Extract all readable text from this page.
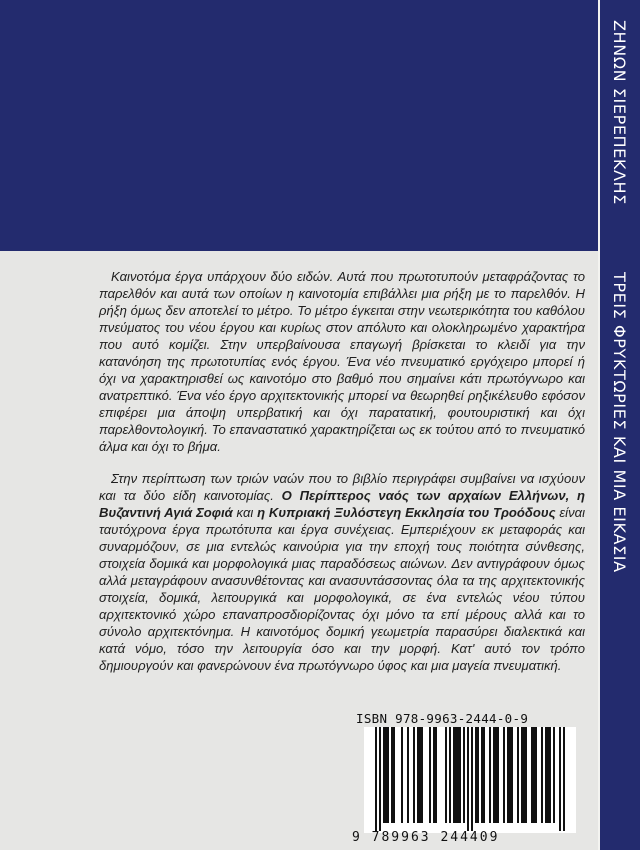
ΖΗΝΩΝ ΣΙΕΡΕΠΕΚΛΗΣ
ΤΡΕΙΣ ΦΡΥΚΤΩΡΙΕΣ ΚΑΙ ΜΙΑ ΕΙΚΑΣΙΑ

Καινοτόμα έργα υπάρχουν δύο ειδών. Αυτά που πρωτοτυπούν μεταφράζοντας το παρελθόν και αυτά των οποίων η καινοτομία επιβάλλει μια ρήξη με το παρελθόν. Η ρήξη όμως δεν αποτελεί το μέτρο. Το μέτρο έγκειται στην νεωτερικότητα του καθόλου πνεύματος του νέου έργου και κυρίως στον απόλυτο και ολοκληρωμένο χαρακτήρα που αυτό κομίζει. Στην υπερβαίνουσα επαγωγή βρίσκεται το κλειδί για την κατανόηση της πρωτοτυπίας ενός έργου. Ένα νέο πνευματικό εργόχειρο μπορεί ή όχι να χαρακτηρισθεί ως καινοτόμο στο βαθμό που σημαίνει κάτι πρωτόγνωρο και ανατρεπτικό. Ένα νέο έργο αρχιτεκτονικής μπορεί να θεωρηθεί ρηξικέλευθο εφόσον επιφέρει μια άποψη υπερβατική και όχι παρατατική, φουτουριστική και όχι παρελθοντολογική. Το επαναστατικό χαρακτηρίζεται ως εκ τούτου από το πνευματικό άλμα και όχι το βήμα.

Στην περίπτωση των τριών ναών που το βιβλίο περιγράφει συμβαίνει να ισχύουν και τα δύο είδη καινοτομίας. Ο Περίπτερος ναός των αρχαίων Ελλήνων, η Βυζαντινή Αγιά Σοφιά και η Κυπριακή Ξυλόστεγη Εκκλησία του Τροόδους είναι ταυτόχρονα έργα πρωτότυπα και έργα συνέχειας. Εμπεριέχουν εκ μεταφοράς και συναρμόζουν, σε μια εντελώς καινούρια για την εποχή τους ποιότητα σύνθεσης, στοιχεία δομικά και μορφολογικά μιας παραδόσεως αιώνων. Δεν αντιγράφουν όμως αλλά μεταγράφουν ανασυνθέτοντας και ανασυντάσσοντας όλα τα της αρχιτεκτονικής στοιχεία, δομικά, λειτουργικά και μορφολογικά, σε ένα εντελώς νέου τύπου αρχιτεκτονικό χώρο επαναπροσδιορίζοντας όχι μόνο τα επί μέρους αλλά και το σύνολο αρχιτεκτόνημα. Η καινοτόμος δομική γεωμετρία παρασύρει διαλεκτικά και κατά νόμο, τόσο την λειτουργία όσο και την μορφή. Κατ' αυτό τον τρόπο δημιουργούν και φανερώνουν ένα πρωτόγνωρο ύφος και μια μαγεία πνευματική.

ISBN 978-9963-2444-0-9
9 789963 244409
